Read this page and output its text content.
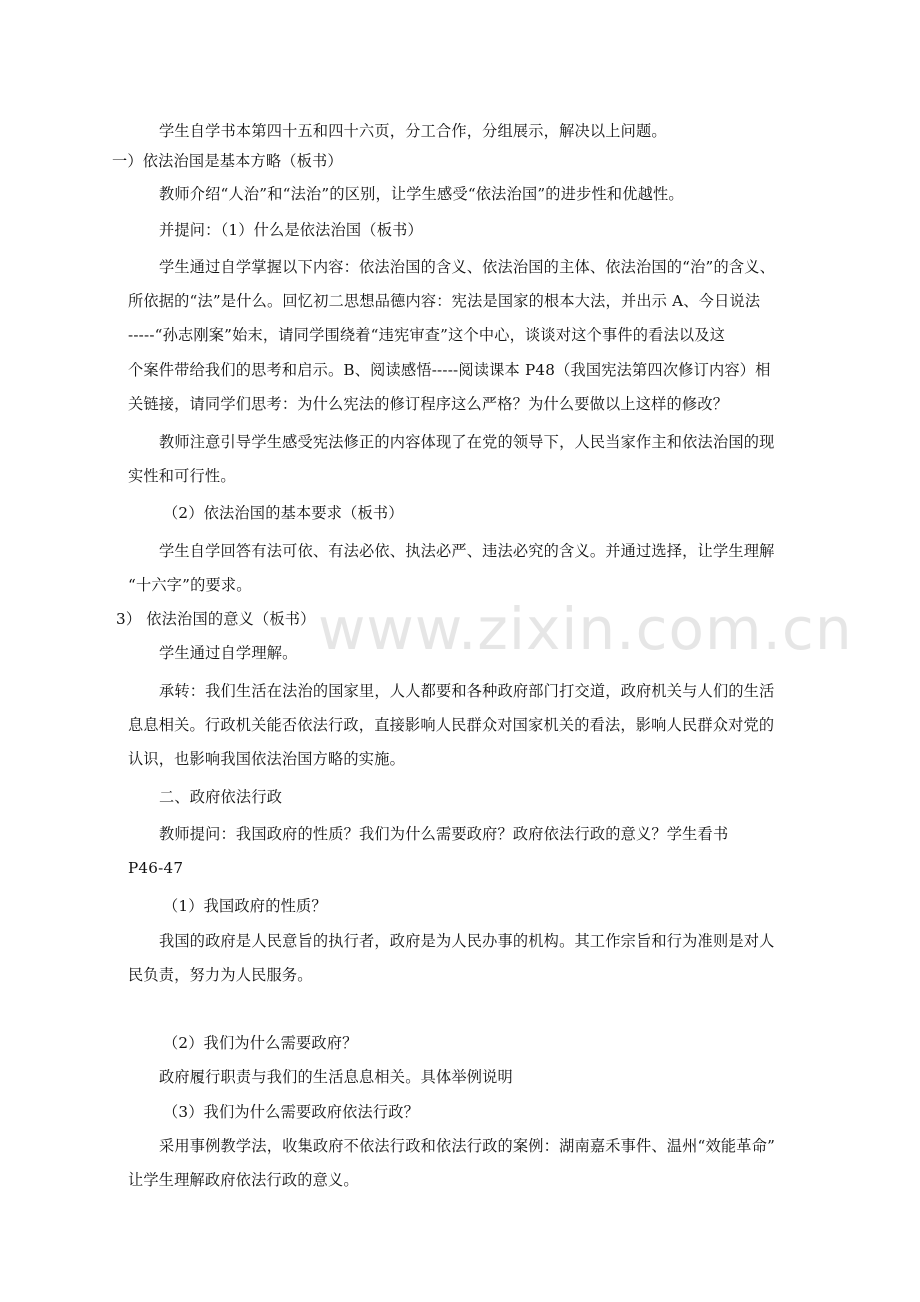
www.zixin.com.cn

学生自学书本第四十五和四十六页，分工合作，分组展示，解决以上问题。

一）依法治国是基本方略（板书）

教师介绍“人治”和“法治”的区别，让学生感受“依法治国”的进步性和优越性。

并提问：（1）什么是依法治国（板书）

学生通过自学掌握以下内容：依法治国的含义、依法治国的主体、依法治国的“治”的含义、

所依据的“法”是什么。回忆初二思想品德内容：宪法是国家的根本大法，并出示 A、今日说法

-----“孙志刚案”始末，请同学围绕着“违宪审查”这个中心，谈谈对这个事件的看法以及这

个案件带给我们的思考和启示。B、阅读感悟-----阅读课本 P48（我国宪法第四次修订内容）相

关链接，请同学们思考：为什么宪法的修订程序这么严格？为什么要做以上这样的修改？

教师注意引导学生感受宪法修正的内容体现了在党的领导下，人民当家作主和依法治国的现

实性和可行性。

（2）依法治国的基本要求（板书）

学生自学回答有法可依、有法必依、执法必严、违法必究的含义。并通过选择，让学生理解

“十六字”的要求。

3） 依法治国的意义（板书）

学生通过自学理解。

承转：我们生活在法治的国家里，人人都要和各种政府部门打交道，政府机关与人们的生活

息息相关。行政机关能否依法行政，直接影响人民群众对国家机关的看法，影响人民群众对党的

认识，也影响我国依法治国方略的实施。

二、政府依法行政

教师提问：我国政府的性质？我们为什么需要政府？政府依法行政的意义？学生看书

P46-47

（1）我国政府的性质？

我国的政府是人民意旨的执行者，政府是为人民办事的机构。其工作宗旨和行为准则是对人

民负责，努力为人民服务。

（2）我们为什么需要政府？

政府履行职责与我们的生活息息相关。具体举例说明

（3）我们为什么需要政府依法行政？

采用事例教学法，收集政府不依法行政和依法行政的案例：湖南嘉禾事件、温州“效能革命”

让学生理解政府依法行政的意义。
